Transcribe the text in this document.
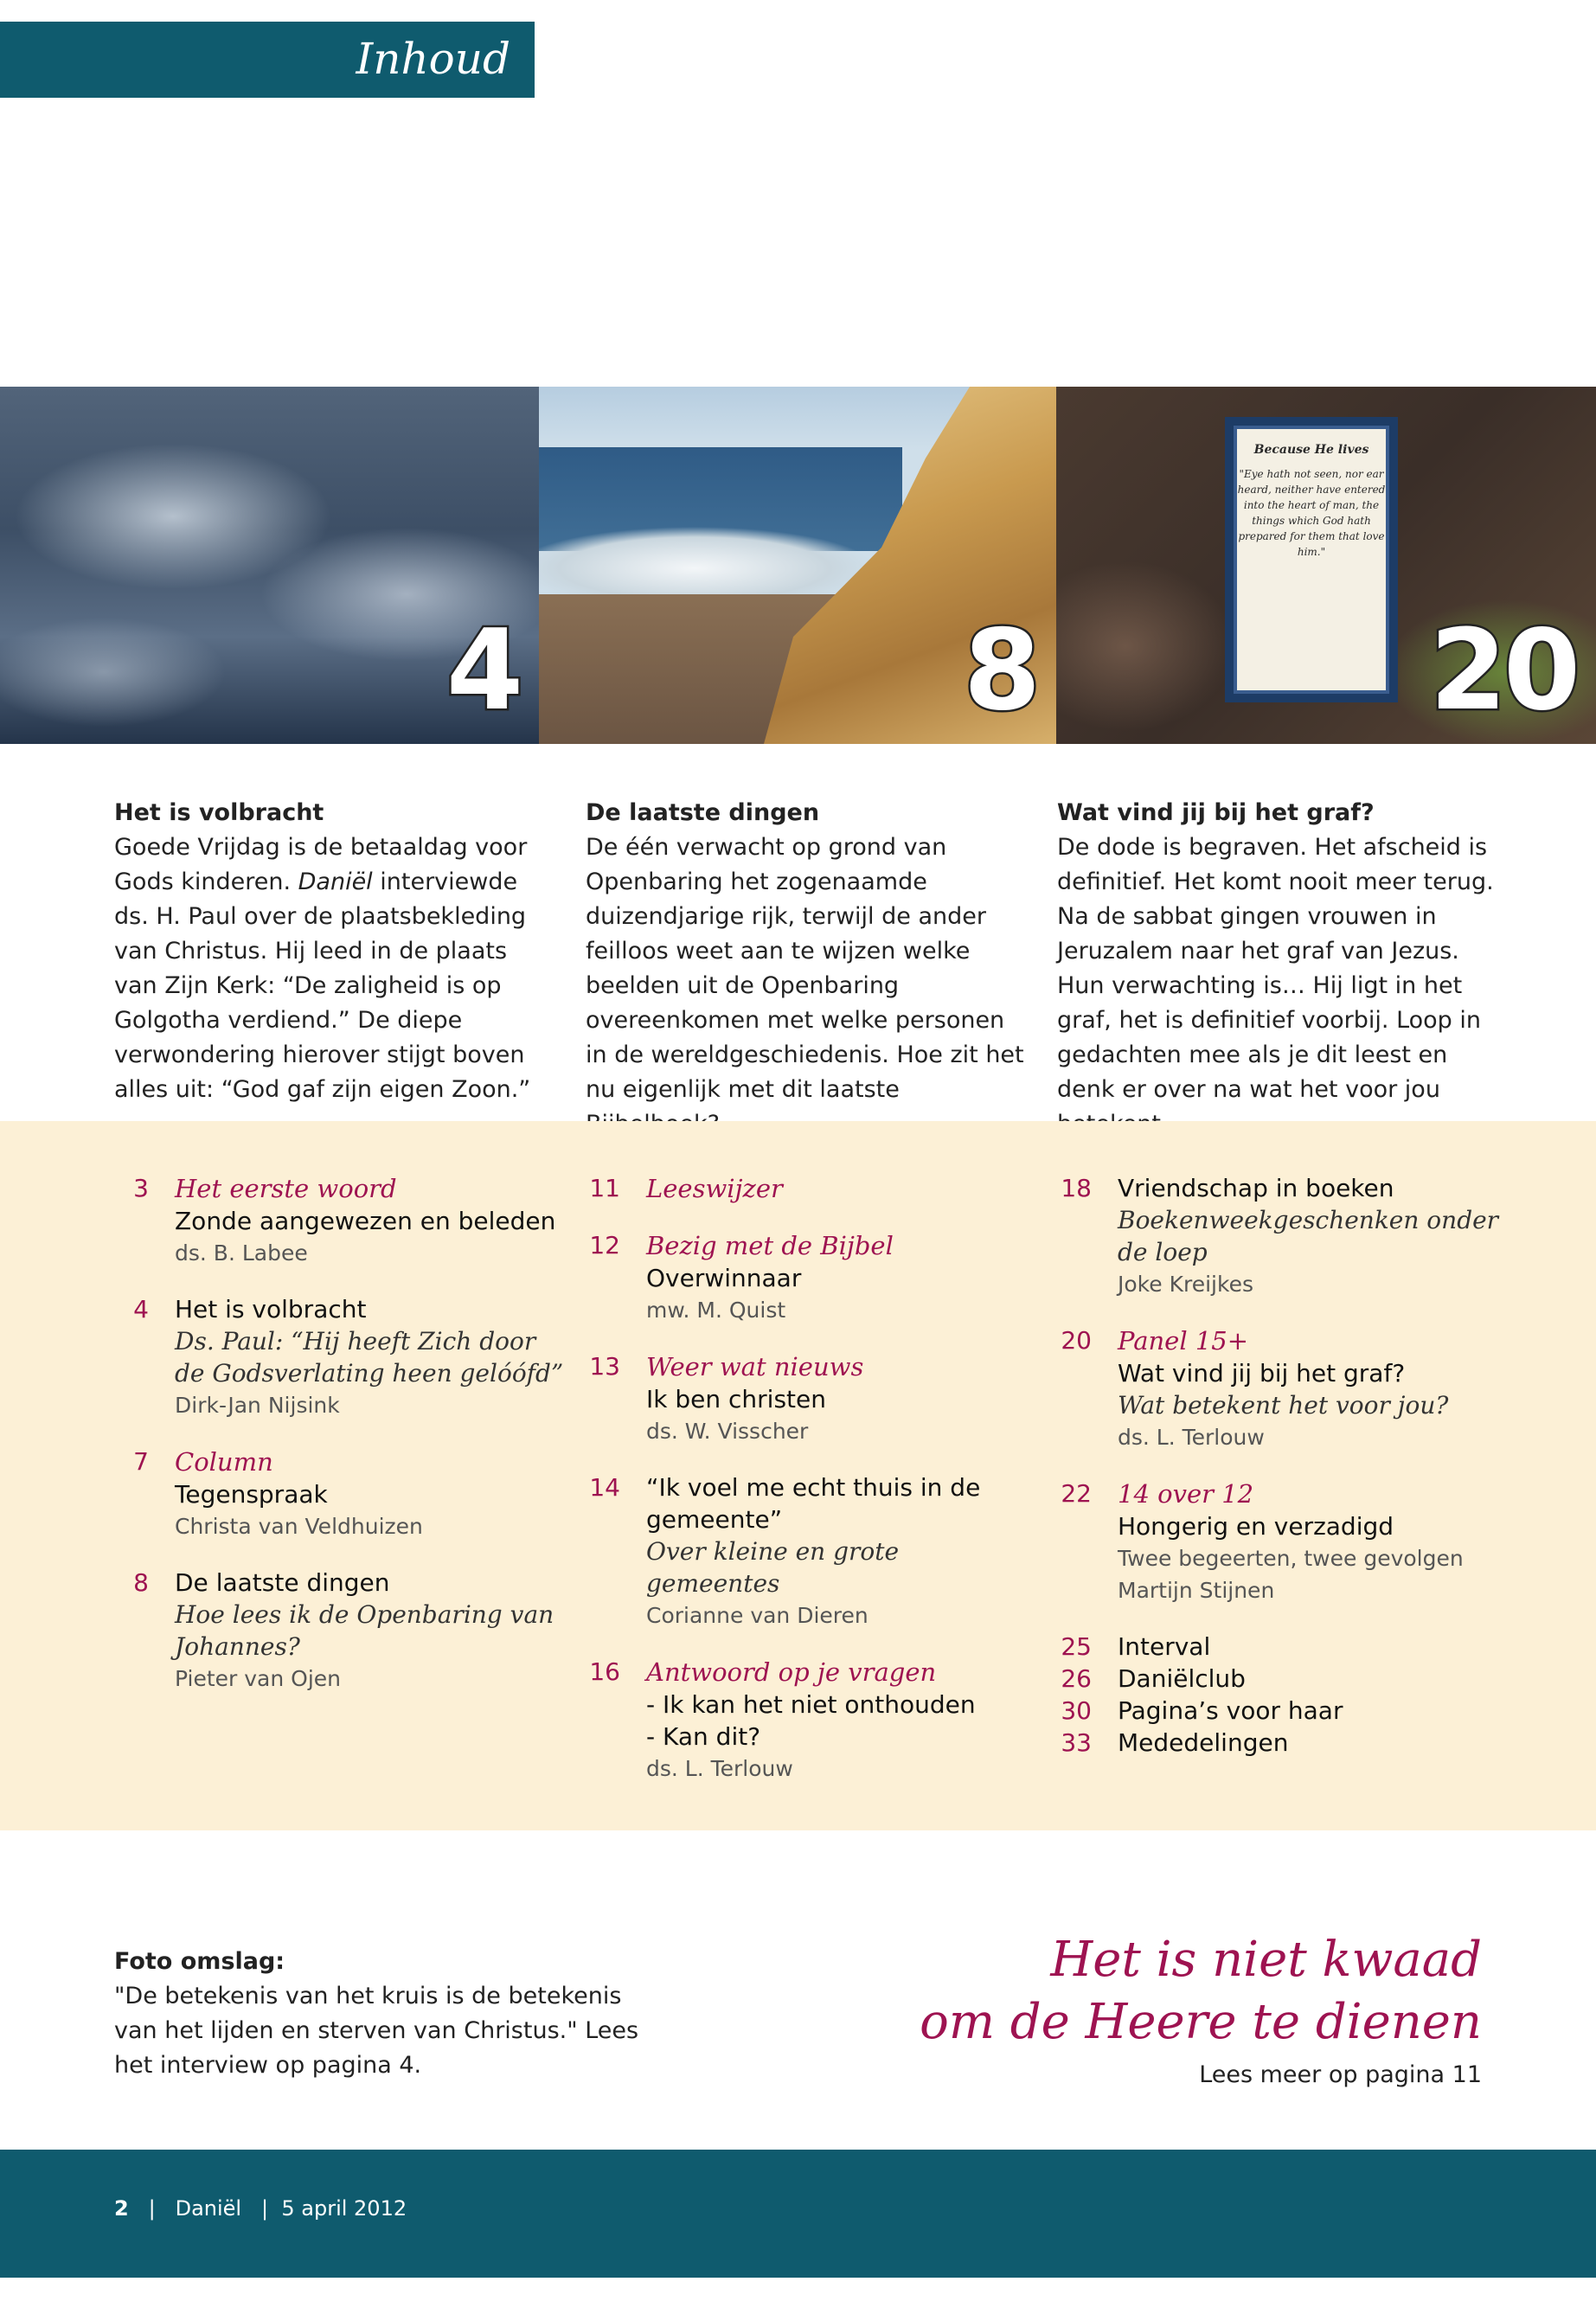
Inhoud
4	8
Because He lives
"Eye hath not seen, nor ear heard, neither have entered into the heart of man, the things which God hath prepared for them that love him."
20
Het is volbracht

Goede Vrijdag is de betaaldag voor Gods kinderen. Daniël interviewde ds. H. Paul over de plaatsbekleding van Christus. Hij leed in de plaats van Zijn Kerk: “De zaligheid is op Golgotha verdiend.” De diepe verwondering hierover stijgt boven alles uit: “God gaf zijn eigen Zoon.”

De laatste dingen

De één verwacht op grond van Openbaring het zogenaamde duizendjarige rijk, terwijl de ander feilloos weet aan te wijzen welke beelden uit de Openbaring overeenkomen met welke personen in de wereldgeschiedenis. Hoe zit het nu eigenlijk met dit laatste

Wat vind jij bij het graf?

De dode is begraven. Het afscheid is definitief. Het komt nooit meer terug. Na de sabbat gingen vrouwen in Jeruzalem naar het graf van Jezus. Hun verwachting is… Hij ligt in het graf, het is definitief voorbij. Loop in gedachten mee als je dit leest en denk er over na wat het voor jou

3 Het eerste woord
Zonde aangewezen en beleden
ds. B. Labee
4 Het is volbracht
Ds. Paul: “Hij heeft Zich door de Godsverlating heen gelóófd”
Dirk-Jan Nijsink
7 Column
Tegenspraak
Christa van Veldhuizen
8 De laatste dingen
Hoe lees ik de Openbaring van Johannes?
Pieter van Ojen
11 Leeswijzer
12 Bezig met de Bijbel
Overwinnaar
mw. M. Quist
13 Weer wat nieuws
Ik ben christen
ds. W. Visscher
14 “Ik voel me echt thuis in de gemeente”
Over kleine en grote gemeentes
Corianne van Dieren
16 Antwoord op je vragen
- Ik kan het niet onthouden
- Kan dit?
ds. L. Terlouw
18 Vriendschap in boeken
Boekenweekgeschenken onder de loep
Joke Kreijkes
20 Panel 15+
Wat vind jij bij het graf?
Wat betekent het voor jou?
ds. L. Terlouw
22 14 over 12
Hongerig en verzadigd
Twee begeerten, twee gevolgen
Martijn Stijnen
25 Interval
26 Daniëlclub
30 Pagina’s voor haar
33 Mededelingen
Foto omslag:
"De betekenis van het kruis is de betekenis van het lijden en sterven van Christus." Lees het interview op pagina 4.
Het is niet kwaad
om de Heere te dienen
Lees meer op pagina 11
2   |   Daniël   |  5 april 2012
